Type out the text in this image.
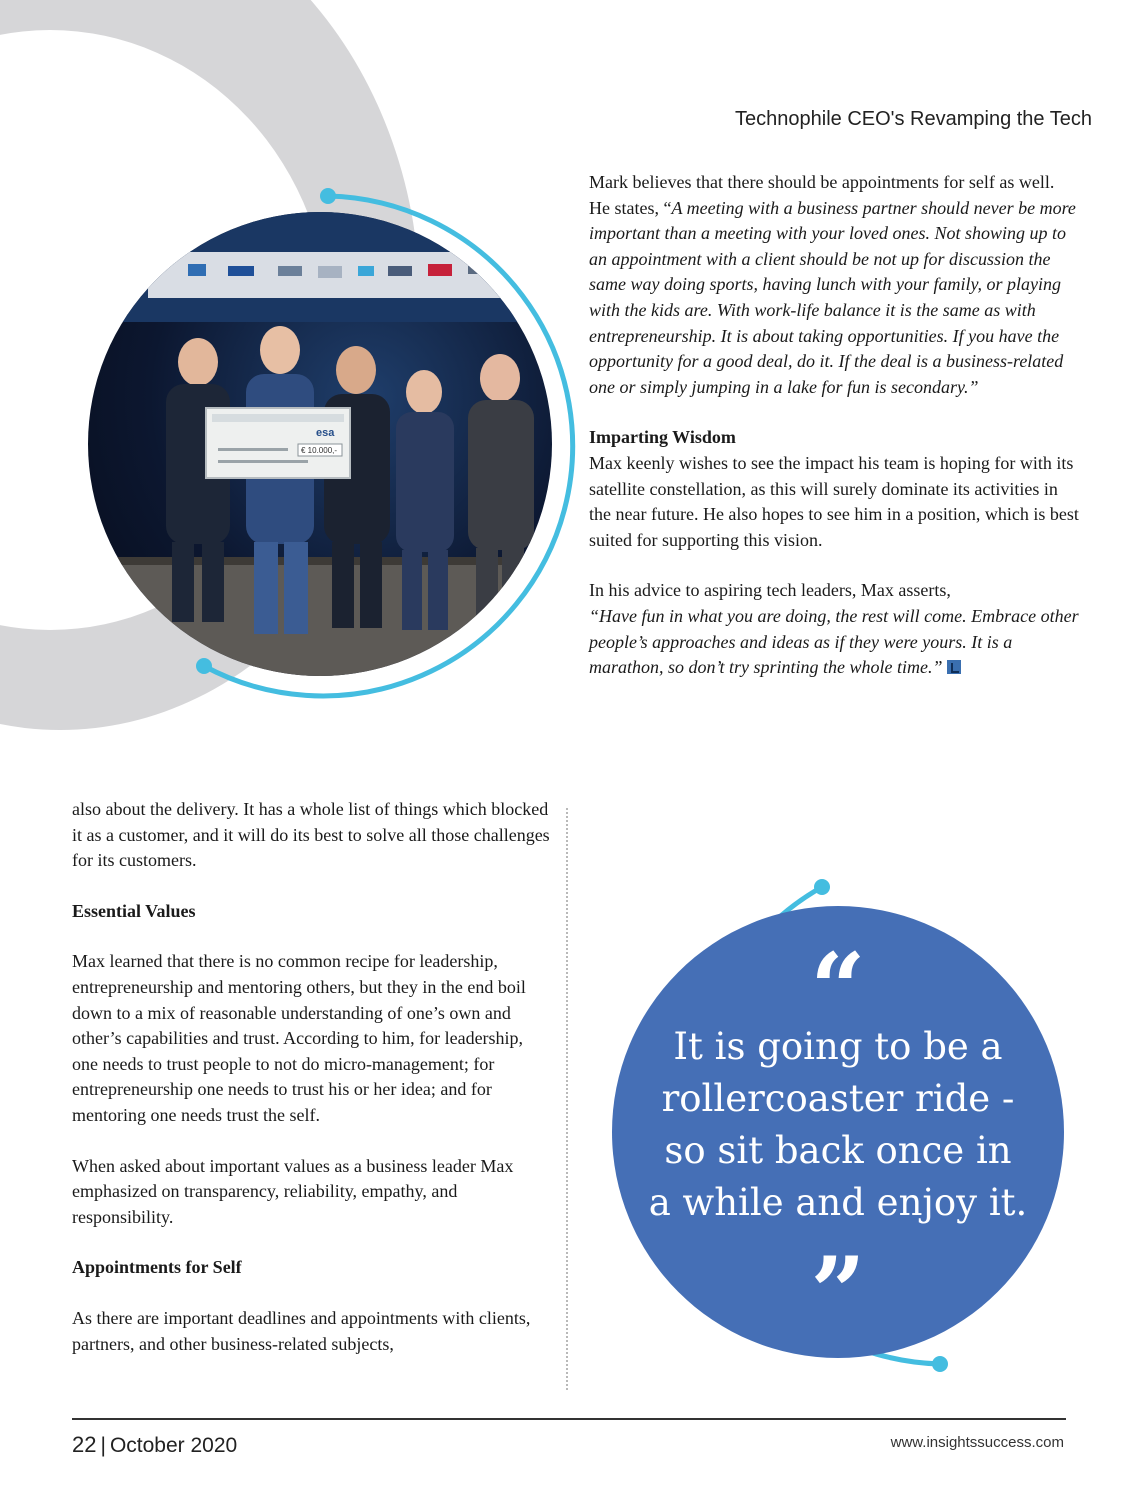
Technophile CEO's Revamping the Tech
esa
€ 10.000,-

Mark believes that there should be appointments for self as well. He states, “A meeting with a business partner should never be more important than a meeting with your loved ones. Not showing up to an appointment with a client should be not up for discussion the same way doing sports, having lunch with your family, or playing with the kids are. With work-life balance it is the same as with entrepreneurship. It is about taking opportunities. If you have the opportunity for a good deal, do it. If the deal is a business-related one or simply jumping in a lake for fun is secondary.”

Imparting Wisdom

Max keenly wishes to see the impact his team is hoping for with its satellite constellation, as this will surely dominate its activities in the near future. He also hopes to see him in a position, which is best suited for supporting this vision.

In his advice to aspiring tech leaders, Max asserts,
“Have fun in what you are doing, the rest will come. Embrace other people’s approaches and ideas as if they were yours. It is a marathon, so don’t try sprinting the whole time.”

also about the delivery. It has a whole list of things which blocked it as a customer, and it will do its best to solve all those challenges for its customers.

Essential Values

Max learned that there is no common recipe for leadership, entrepreneurship and mentoring others, but they in the end boil down to a mix of reasonable understanding of one’s own and other’s capabilities and trust. According to him, for leadership, one needs to trust people to not do micro-management; for entrepreneurship one needs to trust his or her idea; and for mentoring one needs trust the self.

When asked about important values as a business leader Max emphasized on transparency, reliability, empathy, and responsibility.

Appointments for Self

As there are important deadlines and appointments with clients, partners, and other business-related subjects,

“

It is going to be a rollercoaster ride - so sit back once in a while and enjoy it.

”
22 | October 2020	www.insightssuccess.com
